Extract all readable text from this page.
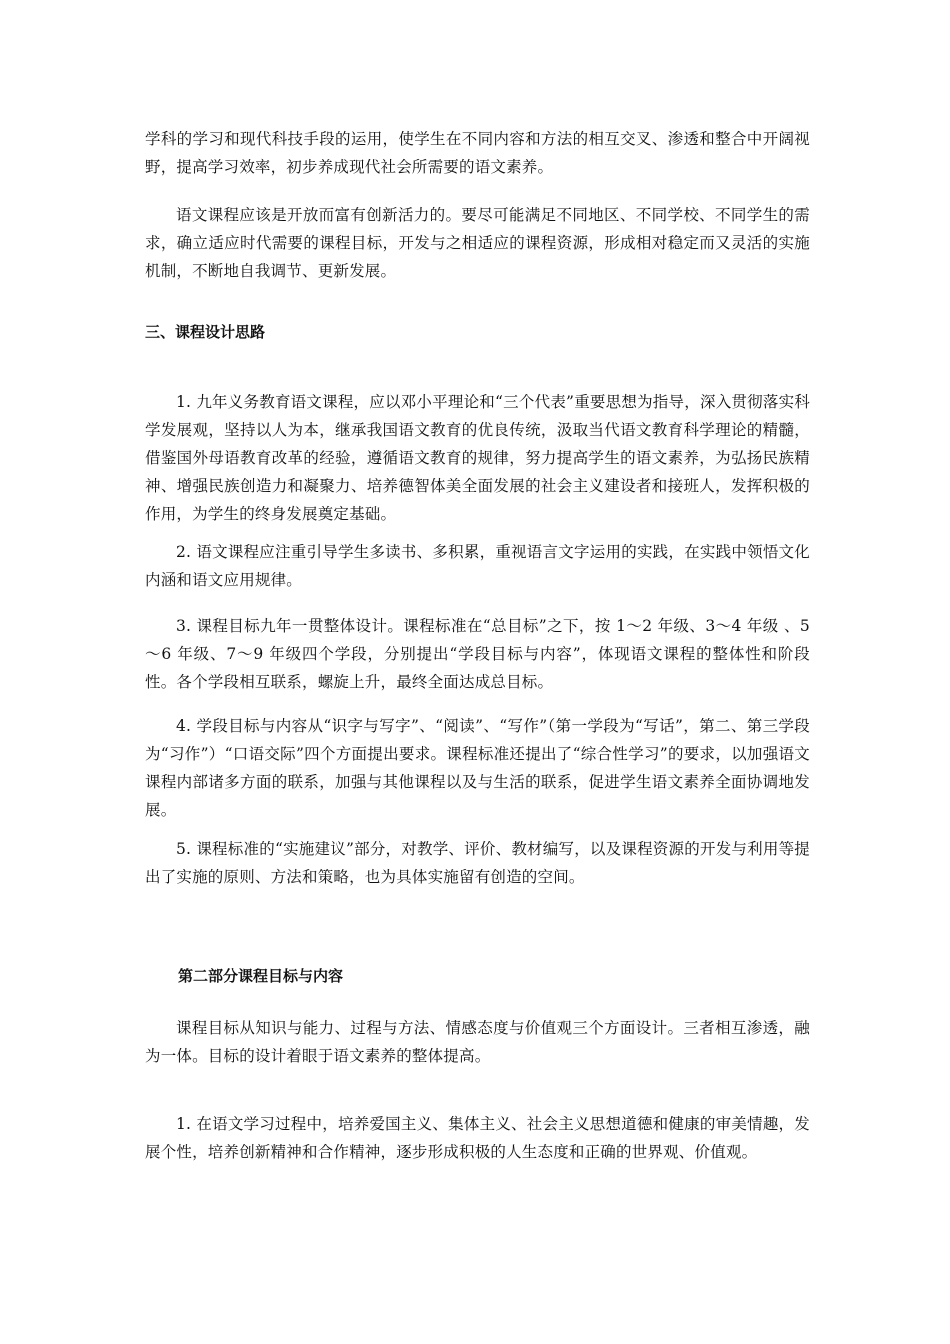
学科的学习和现代科技手段的运用，使学生在不同内容和方法的相互交叉、渗透和整合中开阔视野，提高学习效率，初步养成现代社会所需要的语文素养。
语文课程应该是开放而富有创新活力的。要尽可能满足不同地区、不同学校、不同学生的需求，确立适应时代需要的课程目标，开发与之相适应的课程资源，形成相对稳定而又灵活的实施机制，不断地自我调节、更新发展。
三、课程设计思路
1. 九年义务教育语文课程，应以邓小平理论和“三个代表”重要思想为指导，深入贯彻落实科学发展观，坚持以人为本，继承我国语文教育的优良传统，汲取当代语文教育科学理论的精髓，借鉴国外母语教育改革的经验，遵循语文教育的规律，努力提高学生的语文素养，为弘扬民族精神、增强民族创造力和凝聚力、培养德智体美全面发展的社会主义建设者和接班人，发挥积极的作用，为学生的终身发展奠定基础。
2. 语文课程应注重引导学生多读书、多积累，重视语言文字运用的实践，在实践中领悟文化内涵和语文应用规律。
3. 课程目标九年一贯整体设计。课程标准在“总目标”之下，按 1～2 年级、3～4 年级 、5～6 年级、7～9 年级四个学段，分别提出“学段目标与内容”，体现语文课程的整体性和阶段性。各个学段相互联系，螺旋上升，最终全面达成总目标。
4. 学段目标与内容从“识字与写字”、“阅读”、“写作”（第一学段为“写话”，第二、第三学段为“习作”）“口语交际”四个方面提出要求。课程标准还提出了“综合性学习”的要求，以加强语文课程内部诸多方面的联系，加强与其他课程以及与生活的联系，促进学生语文素养全面协调地发展。
5. 课程标准的“实施建议”部分，对教学、评价、教材编写，以及课程资源的开发与利用等提出了实施的原则、方法和策略，也为具体实施留有创造的空间。
第二部分课程目标与内容
课程目标从知识与能力、过程与方法、情感态度与价值观三个方面设计。三者相互渗透，融为一体。目标的设计着眼于语文素养的整体提高。
1. 在语文学习过程中，培养爱国主义、集体主义、社会主义思想道德和健康的审美情趣，发展个性，培养创新精神和合作精神，逐步形成积极的人生态度和正确的世界观、价值观。
